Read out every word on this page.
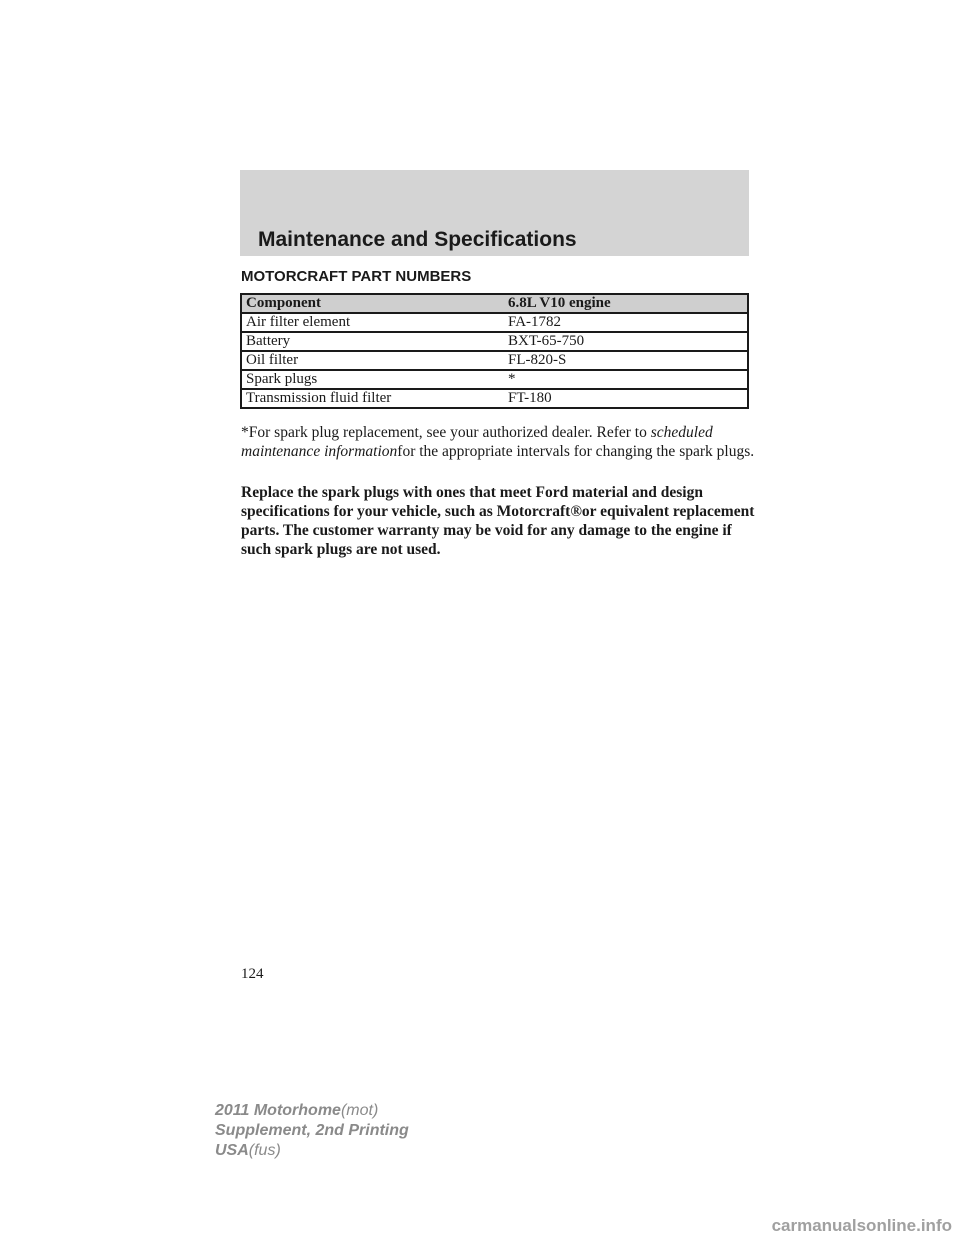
Maintenance and Specifications
MOTORCRAFT PART NUMBERS
Component	6.8L V10 engine
Air filter element	FA-1782
Battery	BXT-65-750
Oil filter	FL-820-S
Spark plugs	*
Transmission fluid filter	FT-180
*For spark plug replacement, see your authorized dealer. Refer to scheduled maintenance informationfor the appropriate intervals for changing the spark plugs.
Replace the spark plugs with ones that meet Ford material and design specifications for your vehicle, such as Motorcraft®or equivalent replacement parts. The customer warranty may be void for any damage to the engine if such spark plugs are not used.
124
2011 Motorhome(mot)
Supplement, 2nd Printing
USA(fus)
carmanualsonline.info
